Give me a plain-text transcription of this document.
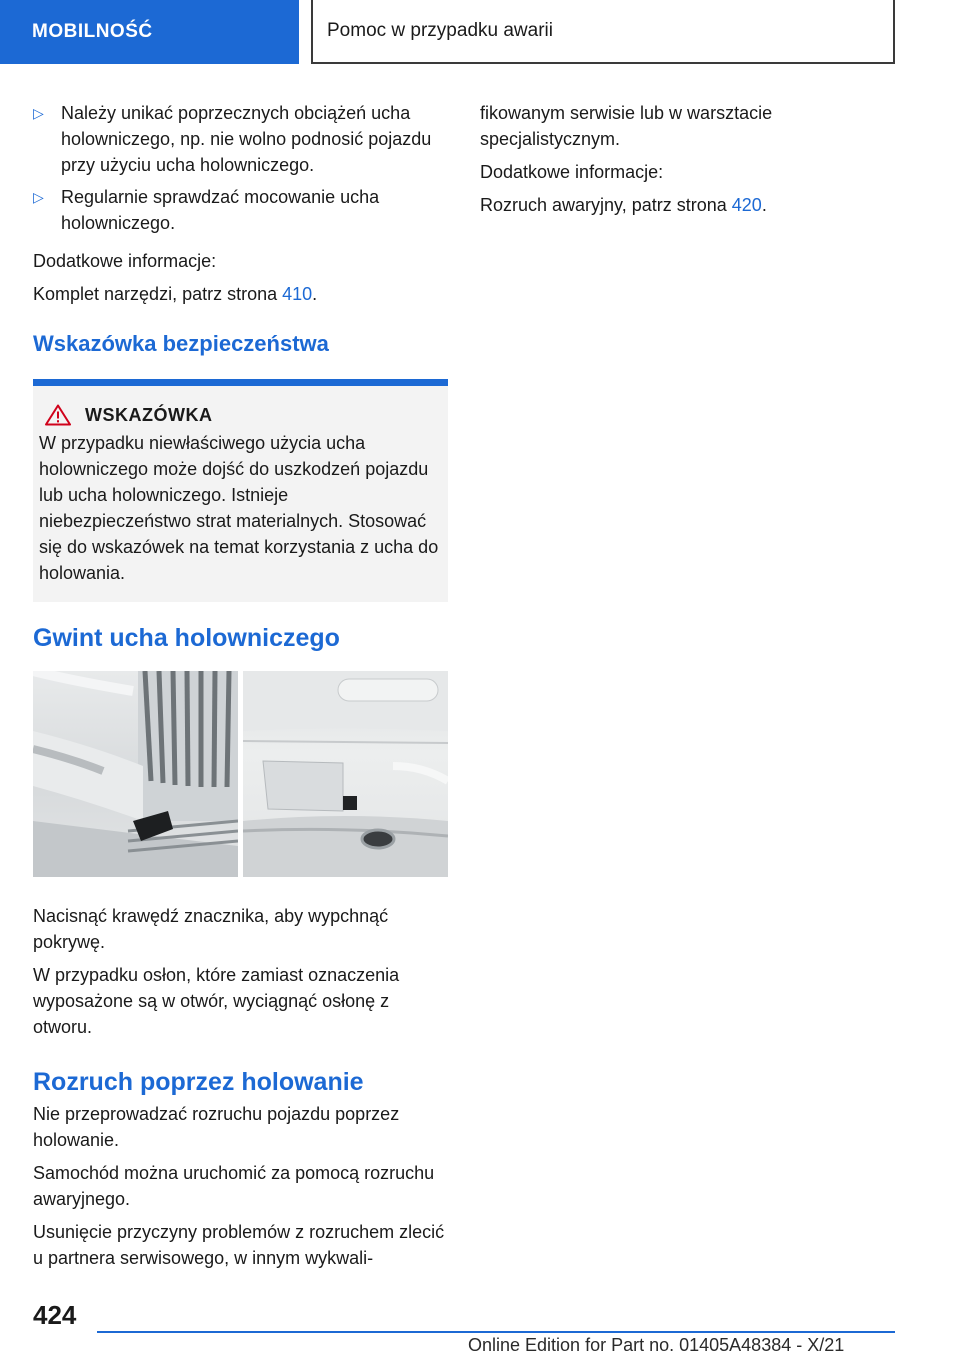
MOBILNOŚĆ	Pomoc w przypadku awarii

▷ Należy unikać poprzecznych obciążeń ucha holowniczego, np. nie wolno podnosić pojazdu przy użyciu ucha holowniczego.

▷ Regularnie sprawdzać mocowanie ucha holowniczego.

Dodatkowe informacje:

Komplet narzędzi, patrz strona 410.

Wskazówka bezpieczeństwa
WSKAZÓWKA

W przypadku niewłaściwego użycia ucha holowniczego może dojść do uszkodzeń pojazdu lub ucha holowniczego. Istnieje niebezpieczeństwo strat materialnych. Stosować się do wskazówek na temat korzystania z ucha do holowania.

Gwint ucha holowniczego

Nacisnąć krawędź znacznika, aby wypchnąć pokrywę.

W przypadku osłon, które zamiast oznaczenia wyposażone są w otwór, wyciągnąć osłonę z otworu.

Rozruch poprzez holowanie

Nie przeprowadzać rozruchu pojazdu poprzez holowanie.

Samochód można uruchomić za pomocą rozruchu awaryjnego.

Usunięcie przyczyny problemów z rozruchem zlecić u partnera serwisowego, w innym wykwali-

fikowanym serwisie lub w warsztacie specjalistycznym.

Dodatkowe informacje:

Rozruch awaryjny, patrz strona 420.

424
Online Edition for Part no. 01405A48384 - X/21
